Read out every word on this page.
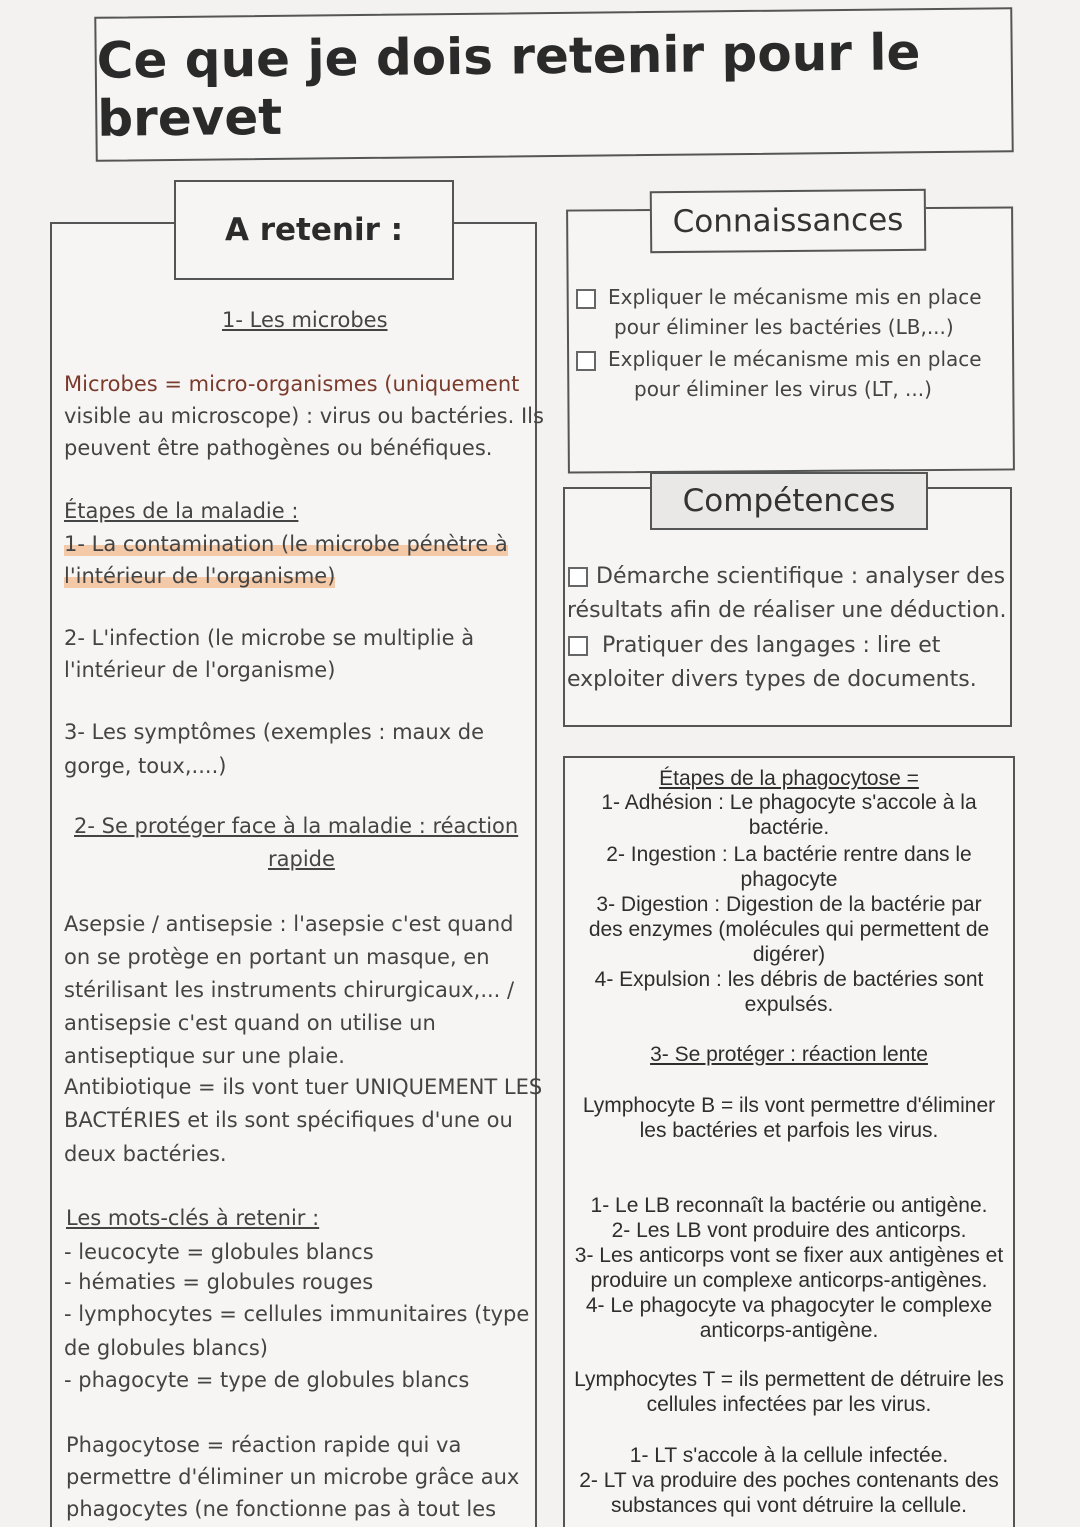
Ce que je dois retenir pour le brevet
A retenir :
1- Les microbes
Microbes = micro-organismes (uniquement
visible au microscope) : virus ou bactéries. Ils
peuvent être pathogènes ou bénéfiques.
Étapes de la maladie :
1- La contamination (le microbe pénètre à
l'intérieur de l'organisme)
2- L'infection (le microbe se multiplie à
l'intérieur de l'organisme)
3- Les symptômes (exemples : maux de
gorge, toux,....)
2- Se protéger face à la maladie : réaction
rapide
Asepsie / antisepsie : l'asepsie c'est quand
on se protège en portant un masque, en
stérilisant les instruments chirurgicaux,... /
antisepsie c'est quand on utilise un
antiseptique sur une plaie.
Antibiotique = ils vont tuer UNIQUEMENT LES
BACTÉRIES et ils sont spécifiques d'une ou
deux bactéries.
Les mots-clés à retenir :
- leucocyte = globules blancs
- hématies = globules rouges
- lymphocytes = cellules immunitaires (type
de globules blancs)
- phagocyte = type de globules blancs
Phagocytose = réaction rapide qui va
permettre d'éliminer un microbe grâce aux
phagocytes (ne fonctionne pas à tout les
Connaissances
Expliquer le mécanisme mis en place
pour éliminer les bactéries (LB,...)
Expliquer le mécanisme mis en place
pour éliminer les virus (LT, ...)
Compétences
Démarche scientifique : analyser des
résultats afin de réaliser une déduction.
Pratiquer des langages : lire et
exploiter divers types de documents.
Étapes de la phagocytose =
1- Adhésion : Le phagocyte s'accole à la
bactérie.
2- Ingestion : La bactérie rentre dans le
phagocyte
3- Digestion : Digestion de la bactérie par
des enzymes (molécules qui permettent de
digérer)
4- Expulsion : les débris de bactéries sont
expulsés.
3- Se protéger : réaction lente
Lymphocyte B = ils vont permettre d'éliminer
les bactéries et parfois les virus.
1- Le LB reconnaît la bactérie ou antigène.
2- Les LB vont produire des anticorps.
3- Les anticorps vont se fixer aux antigènes et
produire un complexe anticorps-antigènes.
4- Le phagocyte va phagocyter le complexe
anticorps-antigène.
Lymphocytes T = ils permettent de détruire les
cellules infectées par les virus.
1- LT s'accole à la cellule infectée.
2- LT va produire des poches contenants des
substances qui vont détruire la cellule.
